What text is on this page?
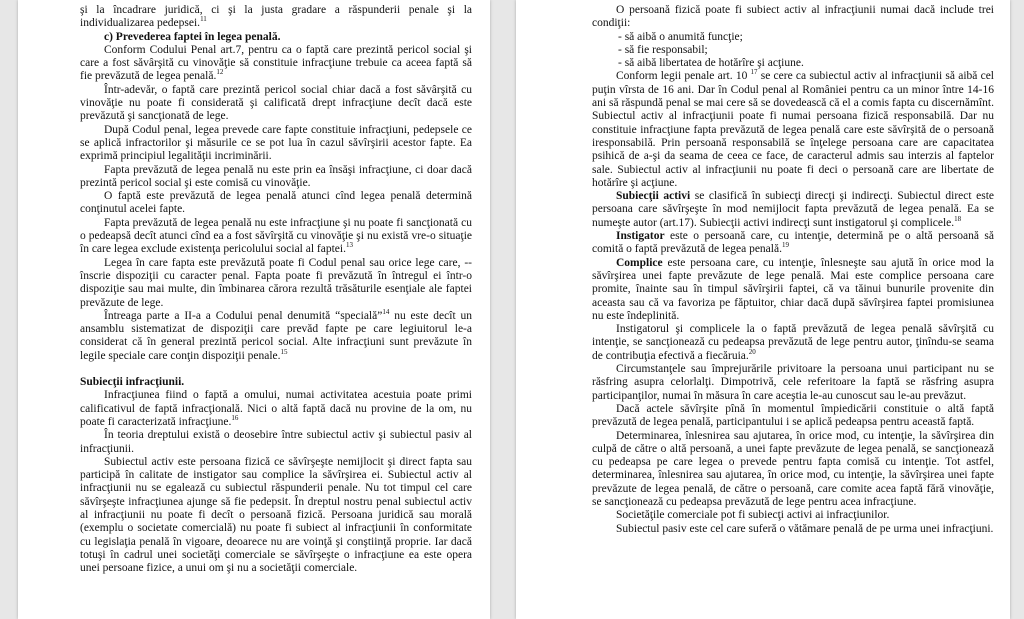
şi la încadrare juridică, ci şi la justa gradare a răspunderii penale şi la individualizarea pedepsei.$^{11}$

c) Prevederea faptei în legea penală.

Conform Codului Penal art.7, pentru ca o faptă care prezintă pericol social şi care a fost săvârşită cu vinovăţie să constituie infracţiune trebuie ca aceea faptă să fie prevăzută de legea penală.$^{12}$

Într-adevăr, o faptă care prezintă pericol social chiar dacă a fost săvârşită cu vinovăţie nu poate fi considerată şi calificată drept infracţiune decît dacă este prevăzută şi sancţionată de lege.

După Codul penal, legea prevede care fapte constituie infracţiuni, pedepsele ce se aplică infractorilor şi măsurile ce se pot lua în cazul săvîrşirii acestor fapte. Ea exprimă principiul legalităţii incriminării.

Fapta prevăzută de legea penală nu este prin ea însăşi infracţiune, ci doar dacă prezintă pericol social şi este comisă cu vinovăţie.

O faptă este prevăzută de legea penală atunci cînd legea penală determină conţinutul acelei fapte.

Fapta prevăzută de legea penală nu este infracţiune şi nu poate fi sancţionată cu o pedeapsă decît atunci cînd ea a fost săvîrşită cu vinovăţie şi nu există vre-o situaţie în care legea exclude existenţa pericolului social al faptei.$^{13}$

Legea în care fapta este prevăzută poate fi Codul penal sau orice lege care, --înscrie dispoziţii cu caracter penal. Fapta poate fi prevăzută în întregul ei într-o dispoziţie sau mai multe, din îmbinarea cărora rezultă trăsăturile esenţiale ale faptei prevăzute de lege.

Întreaga parte a II-a a Codului penal denumită “specială”$^{14}$ nu este decît un ansamblu sistematizat de dispoziţii care prevăd fapte pe care legiuitorul le-a considerat că în general prezintă pericol social. Alte infracţiuni sunt prevăzute în legile speciale care conţin dispoziţii penale.$^{15}$

Subiecţii infracţiunii.

Infracţiunea fiind o faptă a omului, numai activitatea acestuia poate primi calificativul de faptă infracţională. Nici o altă faptă dacă nu provine de la om, nu poate fi caracterizată infracţiune.$^{16}$

În teoria dreptului există o deosebire între subiectul activ şi subiectul pasiv al infracţiunii.

Subiectul activ este persoana fizică ce săvîrşeşte nemijlocit şi direct fapta sau participă în calitate de instigator sau complice la săvîrşirea ei. Subiectul activ al infracţiunii nu se egalează cu subiectul răspunderii penale. Nu tot timpul cel care săvîrşeşte infracţiunea ajunge să fie pedepsit. În dreptul nostru penal subiectul activ al infracţiunii nu poate fi decît o persoană fizică. Persoana juridică sau morală (exemplu o societate comercială) nu poate fi subiect al infracţiunii în conformitate cu legislaţia penală în vigoare, deoarece nu are voinţă şi conştiinţă proprie. Iar dacă totuşi în cadrul unei societăţi comerciale se săvîrşeşte o infracţiune ea este opera unei persoane fizice, a unui om şi nu a societăţii comerciale.

O persoană fizică poate fi subiect activ al infracţiunii numai dacă include trei condiţii:

- să aibă o anumită funcţie;

- să fie responsabil;

- să aibă libertatea de hotărîre şi acţiune.

Conform legii penale art. 10 $^{17}$ se cere ca subiectul activ al infracţiunii să aibă cel puţin vîrsta de 16 ani. Dar în Codul penal al României pentru ca un minor între 14-16 ani să răspundă penal se mai cere să se dovedească că el a comis fapta cu discernămînt. Subiectul activ al infracţiunii poate fi numai persoana fizică responsabilă. Dar nu constituie infracţiune fapta prevăzută de legea penală care este săvîrşită de o persoană iresponsabilă. Prin persoană responsabilă se înţelege persoana care are capacitatea psihică de a-şi da seama de ceea ce face, de caracterul admis sau interzis al faptelor sale. Subiectul activ al infracţiunii nu poate fi deci o persoană care are libertate de hotărîre şi acţiune.

Subiecţii activi se clasifică în subiecţi direcţi şi indirecţi. Subiectul direct este persoana care săvîrşeşte în mod nemijlocit fapta prevăzută de legea penală. Ea se numeşte autor (art.17). Subiecţii activi indirecţi sunt instigatorul şi complicele.$^{18}$

Instigator este o persoană care, cu intenţie, determină pe o altă persoană să comită o faptă prevăzută de legea penală.$^{19}$

Complice este persoana care, cu intenţie, înlesneşte sau ajută în orice mod la săvîrşirea unei fapte prevăzute de lege penală. Mai este complice persoana care promite, înainte sau în timpul săvîrşirii faptei, că va tăinui bunurile provenite din aceasta sau că va favoriza pe făptuitor, chiar dacă după săvîrşirea faptei promisiunea nu este îndeplinită.

Instigatorul şi complicele la o faptă prevăzută de legea penală săvîrşită cu intenţie, se sancţionează cu pedeapsa prevăzută de lege pentru autor, ţinîndu-se seama de contribuţia efectivă a fiecăruia.$^{20}$

Circumstanţele sau împrejurările privitoare la persoana unui participant nu se răsfring asupra celorlalţi. Dimpotrivă, cele referitoare la faptă se răsfring asupra participanţilor, numai în măsura în care aceştia le-au cunoscut sau le-au prevăzut.

Dacă actele săvîrşite pînă în momentul împiedicării constituie o altă faptă prevăzută de legea penală, participantului i se aplică pedeapsa pentru această faptă.

Determinarea, înlesnirea sau ajutarea, în orice mod, cu intenţie, la săvîrşirea din culpă de către o altă persoană, a unei fapte prevăzute de legea penală, se sancţionează cu pedeapsa pe care legea o prevede pentru fapta comisă cu intenţie. Tot astfel, determinarea, înlesnirea sau ajutarea, în orice mod, cu intenţie, la săvîrşirea unei fapte prevăzute de legea penală, de către o persoană, care comite acea faptă fără vinovăţie, se sancţionează cu pedeapsa prevăzută de lege pentru acea infracţiune.

Societăţile comerciale pot fi subiecţi activi ai infracţiunilor.

Subiectul pasiv este cel care suferă o vătămare penală de pe urma unei infracţiuni.
